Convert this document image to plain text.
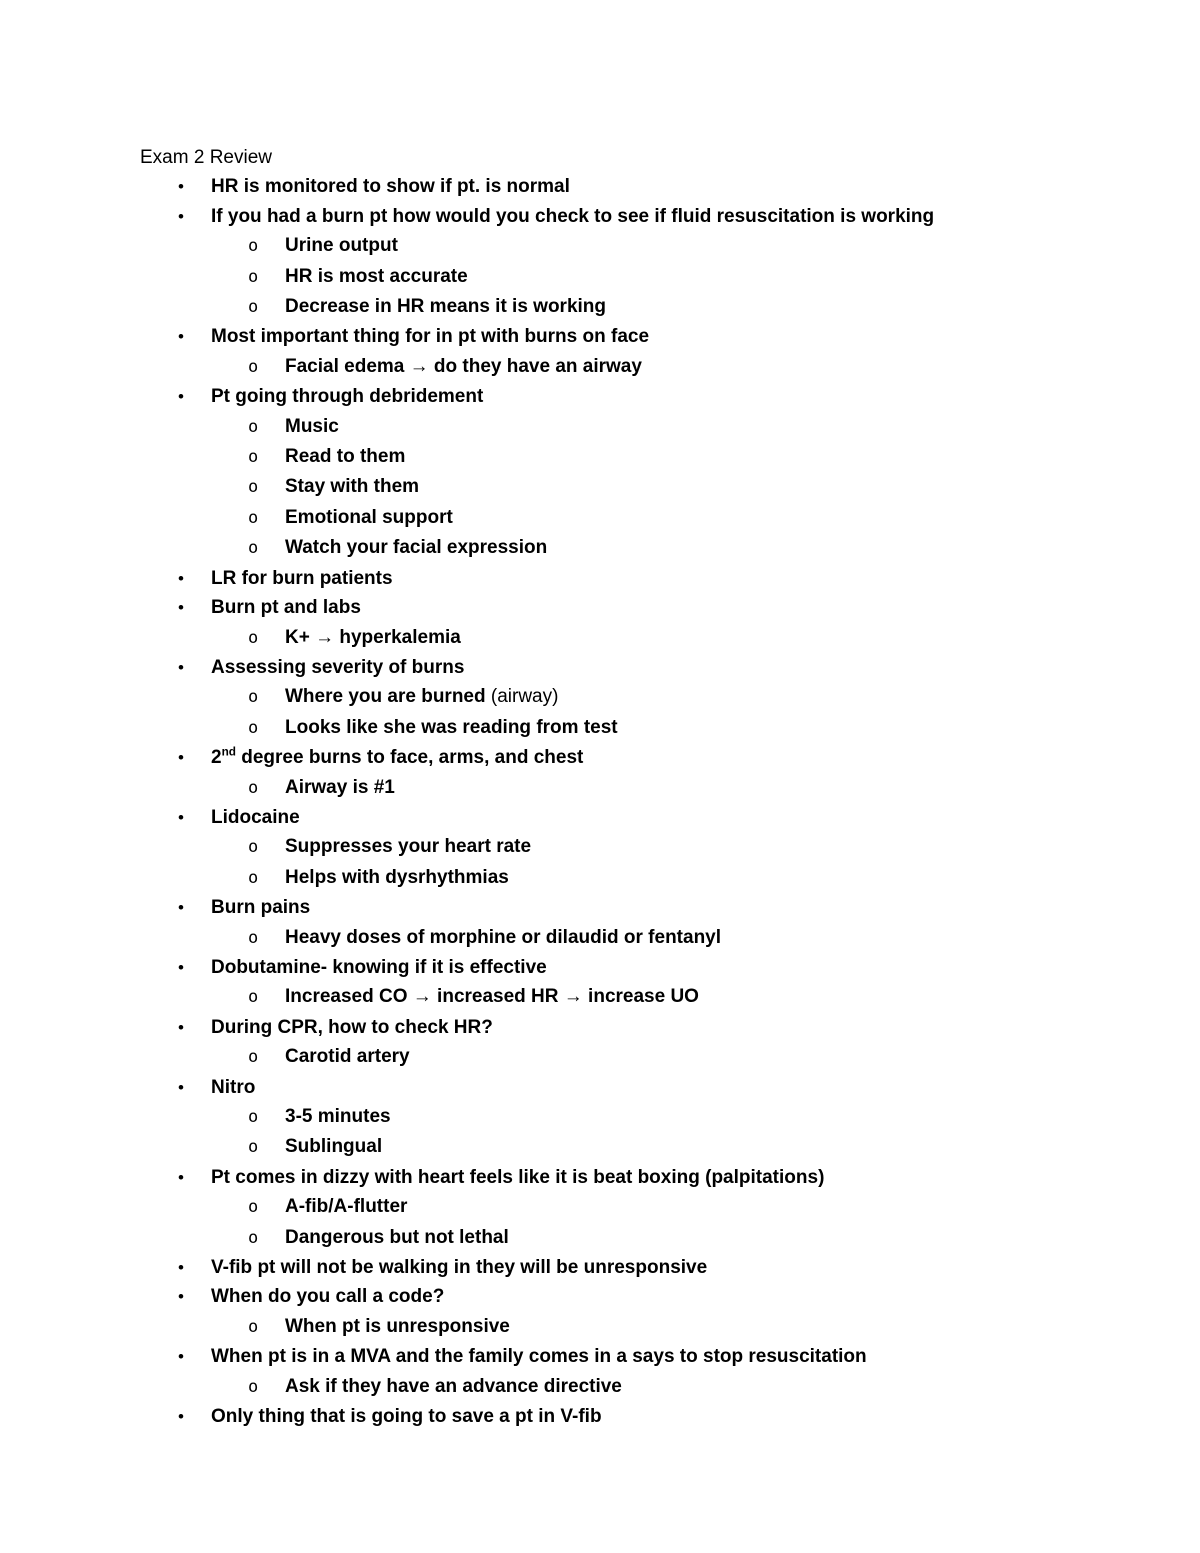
Exam 2 Review
•	HR is monitored to show if pt. is normal
•	If you had a burn pt how would you check to see if fluid resuscitation is working
o	Urine output
o	HR is most accurate
o	Decrease in HR means it is working
•	Most important thing for in pt with burns on face
o	Facial edema → do they have an airway
•	Pt going through debridement
o	Music
o	Read to them
o	Stay with them
o	Emotional support
o	Watch your facial expression
•	LR for burn patients
•	Burn pt and labs
o	K+ → hyperkalemia
•	Assessing severity of burns
o	Where you are burned (airway)
o	Looks like she was reading from test
•	2nd degree burns to face, arms, and chest
o	Airway is #1
•	Lidocaine
o	Suppresses your heart rate
o	Helps with dysrhythmias
•	Burn pains
o	Heavy doses of morphine or dilaudid or fentanyl
•	Dobutamine- knowing if it is effective
o	Increased CO → increased HR → increase UO
•	During CPR, how to check HR?
o	Carotid artery
•	Nitro
o	3-5 minutes
o	Sublingual
•	Pt comes in dizzy with heart feels like it is beat boxing (palpitations)
o	A-fib/A-flutter
o	Dangerous but not lethal
•	V-fib pt will not be walking in they will be unresponsive
•	When do you call a code?
o	When pt is unresponsive
•	When pt is in a MVA and the family comes in a says to stop resuscitation
o	Ask if they have an advance directive
•	Only thing that is going to save a pt in V-fib
